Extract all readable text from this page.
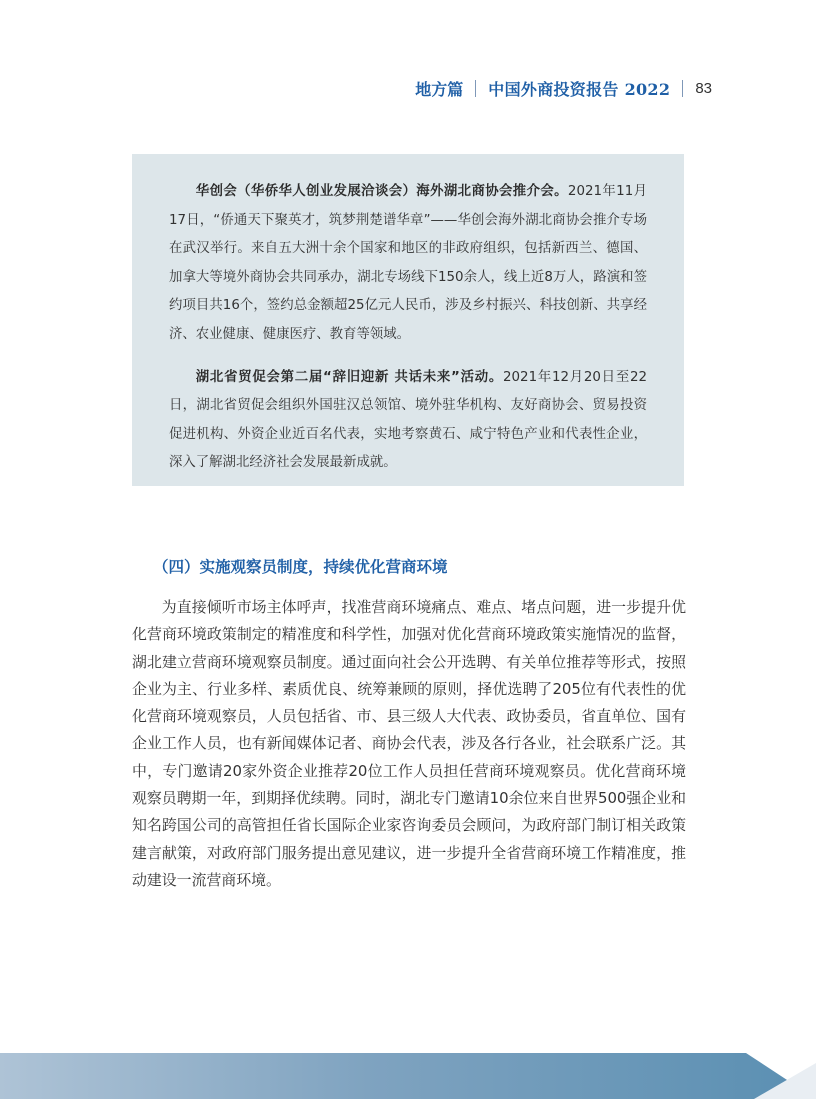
地方篇 中国外商投资报告 2022 83

华创会（华侨华人创业发展洽谈会）海外湖北商协会推介会。2021年11月17日，“侨通天下聚英才，筑梦荆楚谱华章”——华创会海外湖北商协会推介专场在武汉举行。来自五大洲十余个国家和地区的非政府组织，包括新西兰、德国、加拿大等境外商协会共同承办，湖北专场线下150余人，线上近8万人，路演和签约项目共16个，签约总金额超25亿元人民币，涉及乡村振兴、科技创新、共享经济、农业健康、健康医疗、教育等领域。

湖北省贸促会第二届“辞旧迎新 共话未来”活动。2021年12月20日至22日，湖北省贸促会组织外国驻汉总领馆、境外驻华机构、友好商协会、贸易投资促进机构、外资企业近百名代表，实地考察黄石、咸宁特色产业和代表性企业，深入了解湖北经济社会发展最新成就。

（四）实施观察员制度，持续优化营商环境

为直接倾听市场主体呼声，找准营商环境痛点、难点、堵点问题，进一步提升优化营商环境政策制定的精准度和科学性，加强对优化营商环境政策实施情况的监督，湖北建立营商环境观察员制度。通过面向社会公开选聘、有关单位推荐等形式，按照企业为主、行业多样、素质优良、统筹兼顾的原则，择优选聘了205位有代表性的优化营商环境观察员，人员包括省、市、县三级人大代表、政协委员，省直单位、国有企业工作人员，也有新闻媒体记者、商协会代表，涉及各行各业，社会联系广泛。其中，专门邀请20家外资企业推荐20位工作人员担任营商环境观察员。优化营商环境观察员聘期一年，到期择优续聘。同时，湖北专门邀请10余位来自世界500强企业和知名跨国公司的高管担任省长国际企业家咨询委员会顾问，为政府部门制订相关政策建言献策，对政府部门服务提出意见建议，进一步提升全省营商环境工作精准度，推动建设一流营商环境。
